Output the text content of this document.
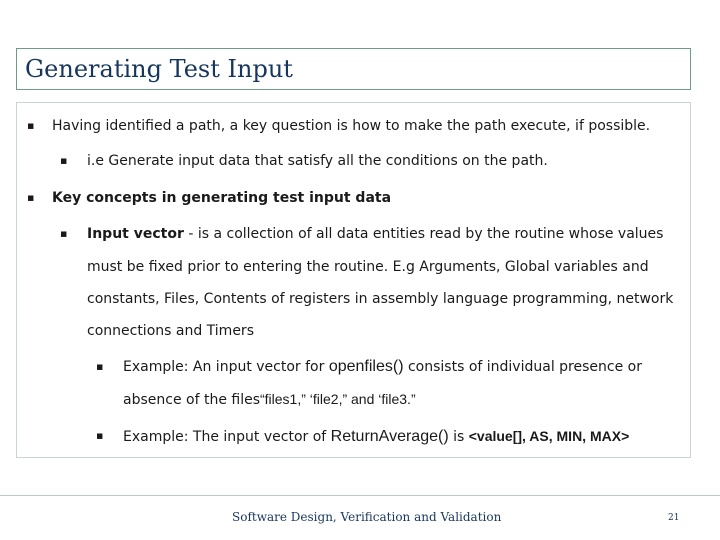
Generating Test Input
▪ Having identified a path, a key question is how to make the path execute, if possible.
▪ i.e Generate input data that satisfy all the conditions on the path.
▪ Key concepts in generating test input data
▪ Input vector - is a collection of all data entities read by the routine whose values
must be fixed prior to entering the routine. E.g Arguments, Global variables and
constants, Files, Contents of registers in assembly language programming, network
connections and Timers
▪ Example: An input vector for openfiles() consists of individual presence or
absence of the files“files1,” ‘file2,” and ‘file3.”
▪ Example: The input vector of ReturnAverage() is <value[], AS, MIN, MAX>
Software Design, Verification and Validation	21
